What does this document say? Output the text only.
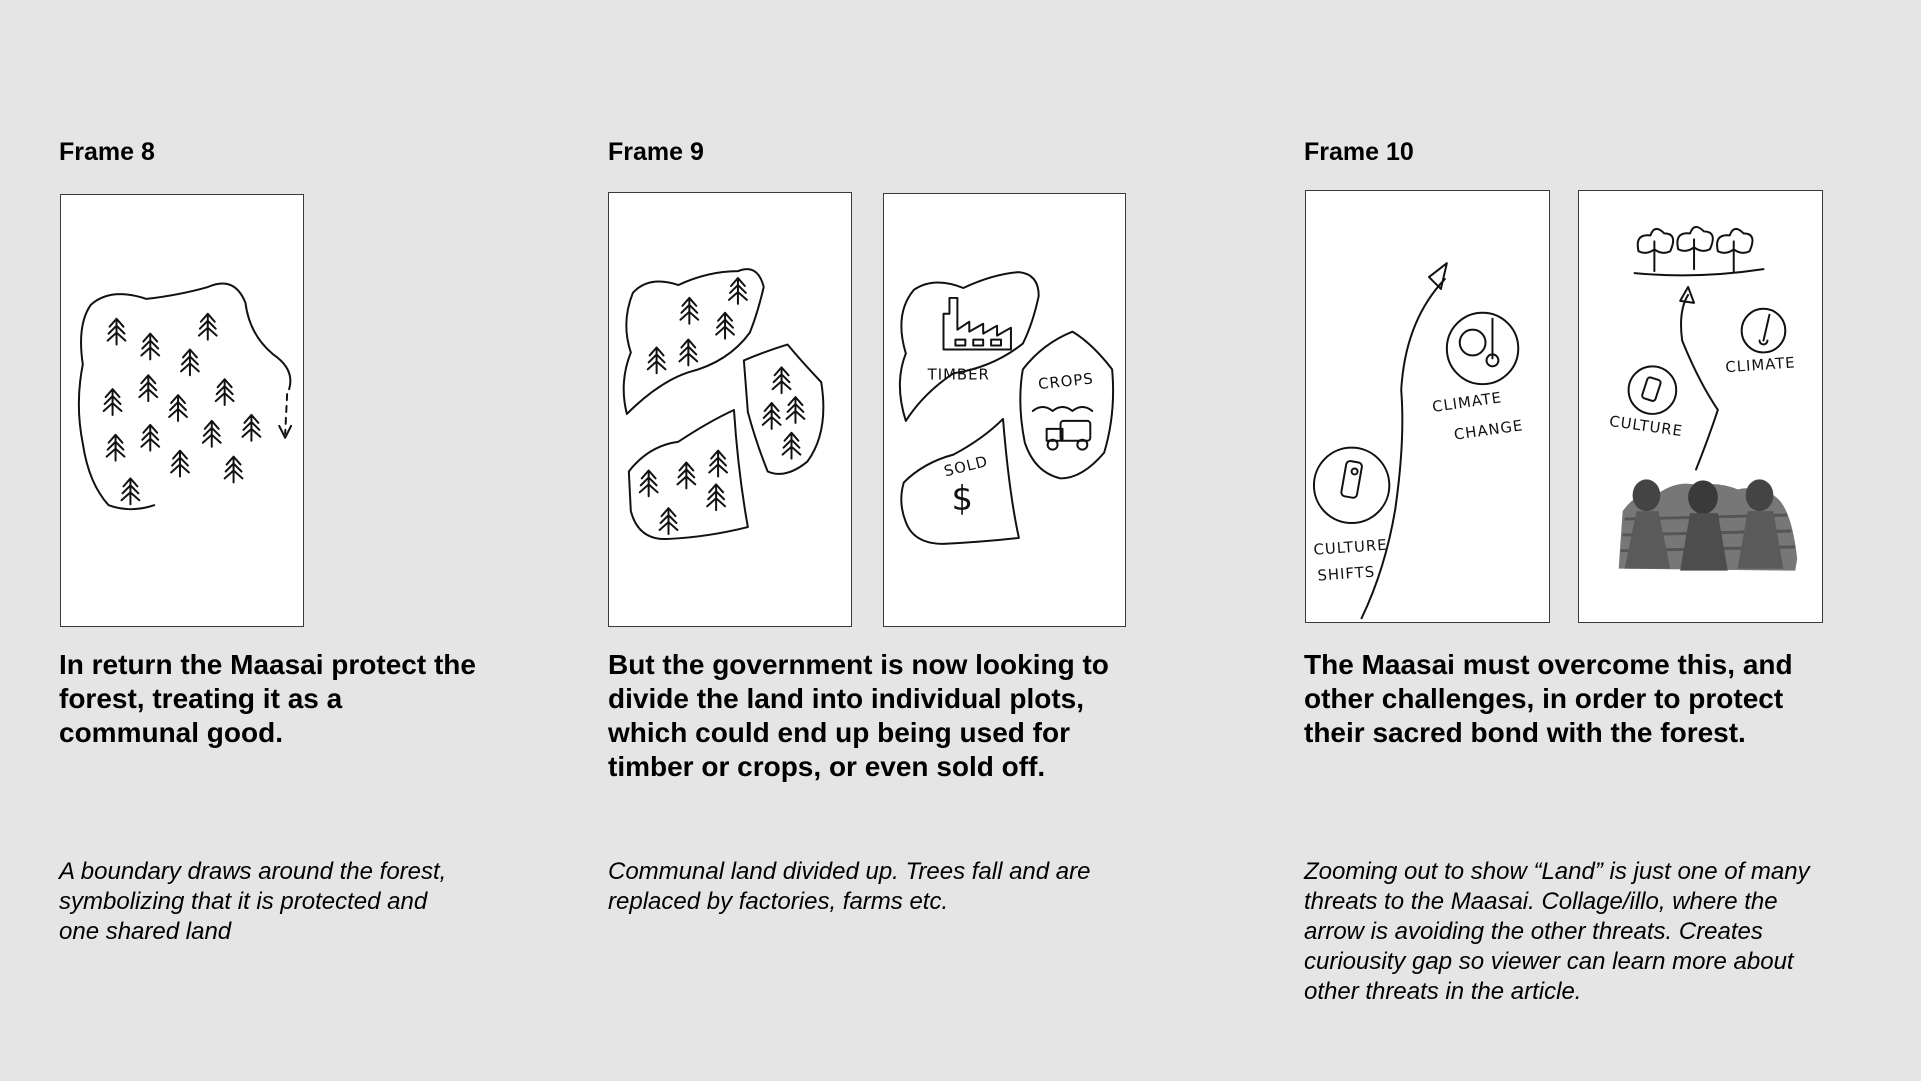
Frame 8
In return the Maasai protect the forest, treating it as a communal good.
A boundary draws around the forest, symbolizing that it is protected and one shared land
Frame 9
TIMBER	CROPS
SOLD
$
But the government is now looking to divide the land into individual plots, which could end up being used for timber or crops, or even sold off.
Communal land divided up. Trees fall and are replaced by factories, farms etc.
Frame 10
CULTURE
SHIFTS
CLIMATE
CHANGE	CULTURE
CLIMATE
The Maasai must overcome this, and other challenges, in order to protect their sacred bond with the forest.
Zooming out to show “Land” is just one of many threats to the Maasai. Collage/illo, where the arrow is avoiding the other threats. Creates curiousity gap so viewer can learn more about other threats in the article.
